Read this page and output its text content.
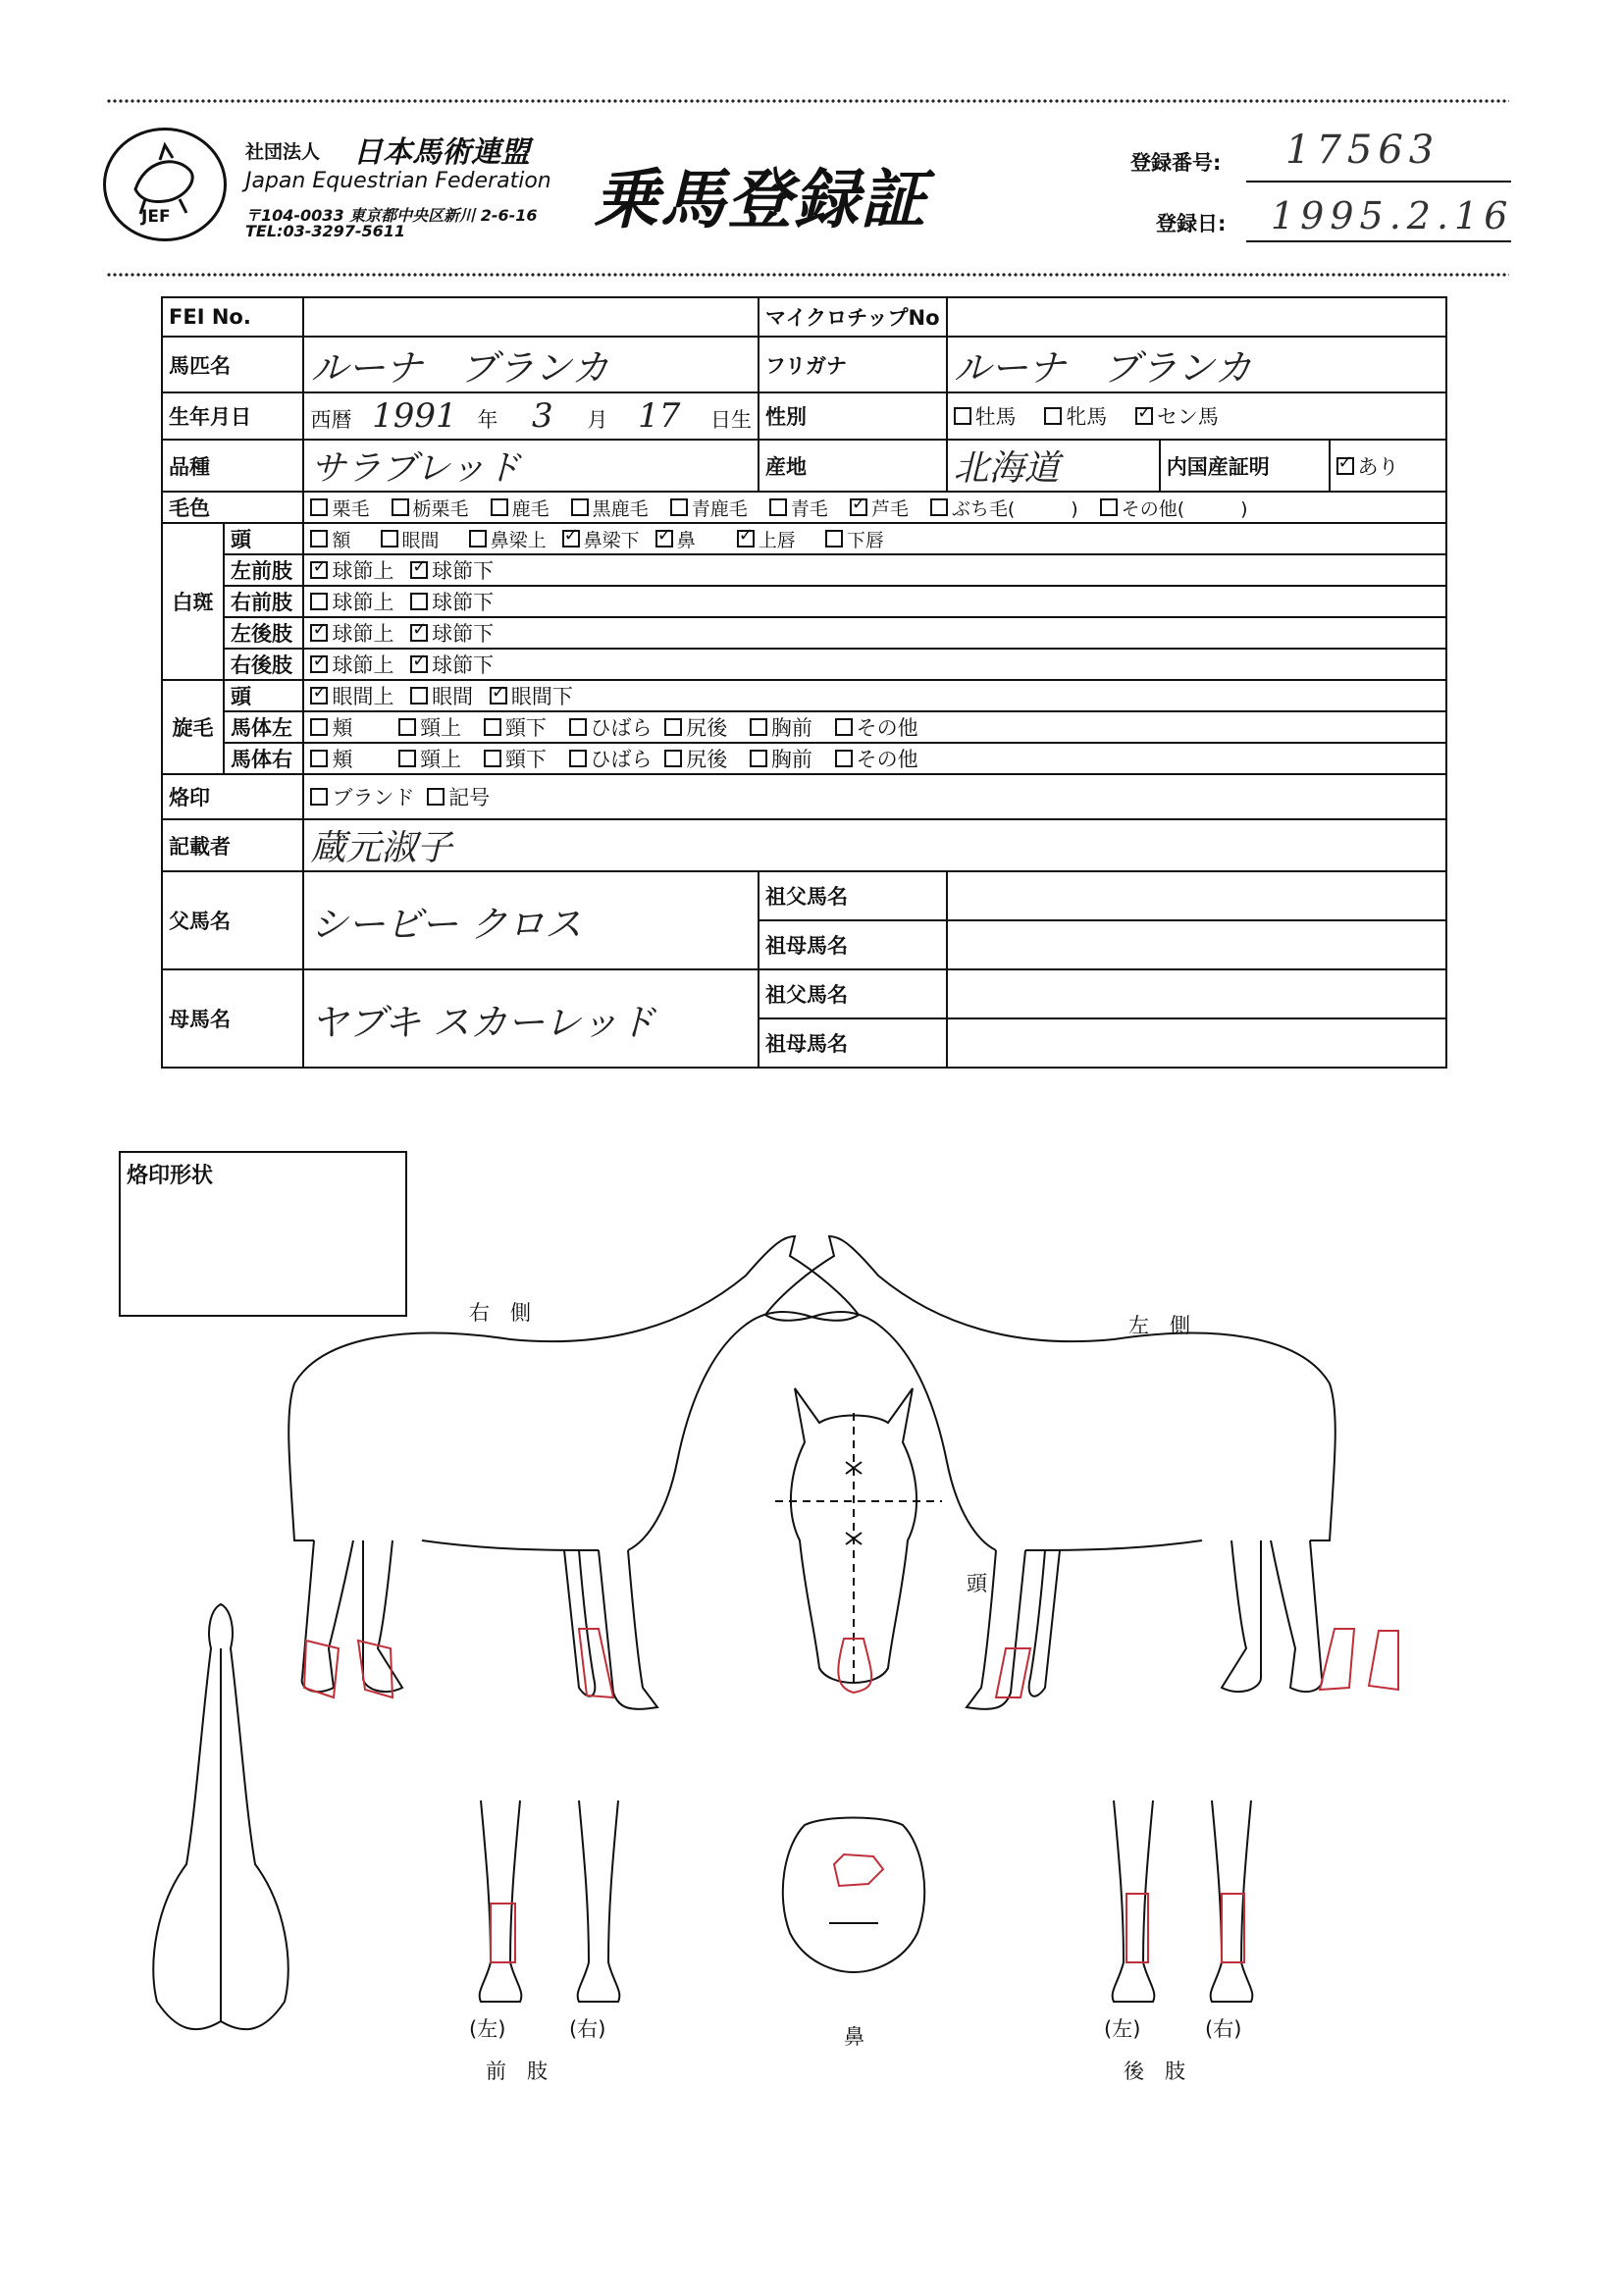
JEF
社団法人 日本馬術連盟
Japan Equestrian Federation
〒104-0033 東京都中央区新川 2-6-16
TEL:03-3297-5611	乗馬登録証	登録番号: 17563
登録日: 1995.2.16
FEI No.			マイクロチップNo			
馬匹名		ルーナ　ブランカ	フリガナ	ルーナ　ブランカ		
生年月日		西暦 1991 年 3 月 17 日生	性別	牡馬 牝馬 ✓ セン馬
品種		サラブレッド	産地	北海道	内国産証明	✓あり
毛色		栗毛 栃栗毛 鹿毛 黒鹿毛 青鹿毛 青毛 ✓ 芦毛 ぶち毛(　　　) その他(　　　)
白斑	頭	額 眼間 鼻梁上 ✓ 鼻梁下 ✓ 鼻 ✓ 上唇 下唇
	左前肢	✓球節上 ✓ 球節下
	右前肢	球節上 球節下				
	左後肢	✓球節上 ✓ 球節下
	右後肢	✓球節上 ✓ 球節下
旋毛	頭	✓眼間上 眼間 ✓ 眼間下
	馬体左	頬 頸上 頸下 ひばら 尻後 胸前 その他				
	馬体右	頬 頸上 頸下 ひばら 尻後 胸前 その他				
烙印		ブランド 記号				
記載者		蔵元淑子				
父馬名		シービー クロス	祖父馬名			
			祖母馬名			
母馬名		ヤブキ スカーレッド	祖父馬名			
			祖母馬名			
烙印形状
右　側
左　側
頭
鼻
(左)	(右)
前　肢
(左)	(右)
後　肢
